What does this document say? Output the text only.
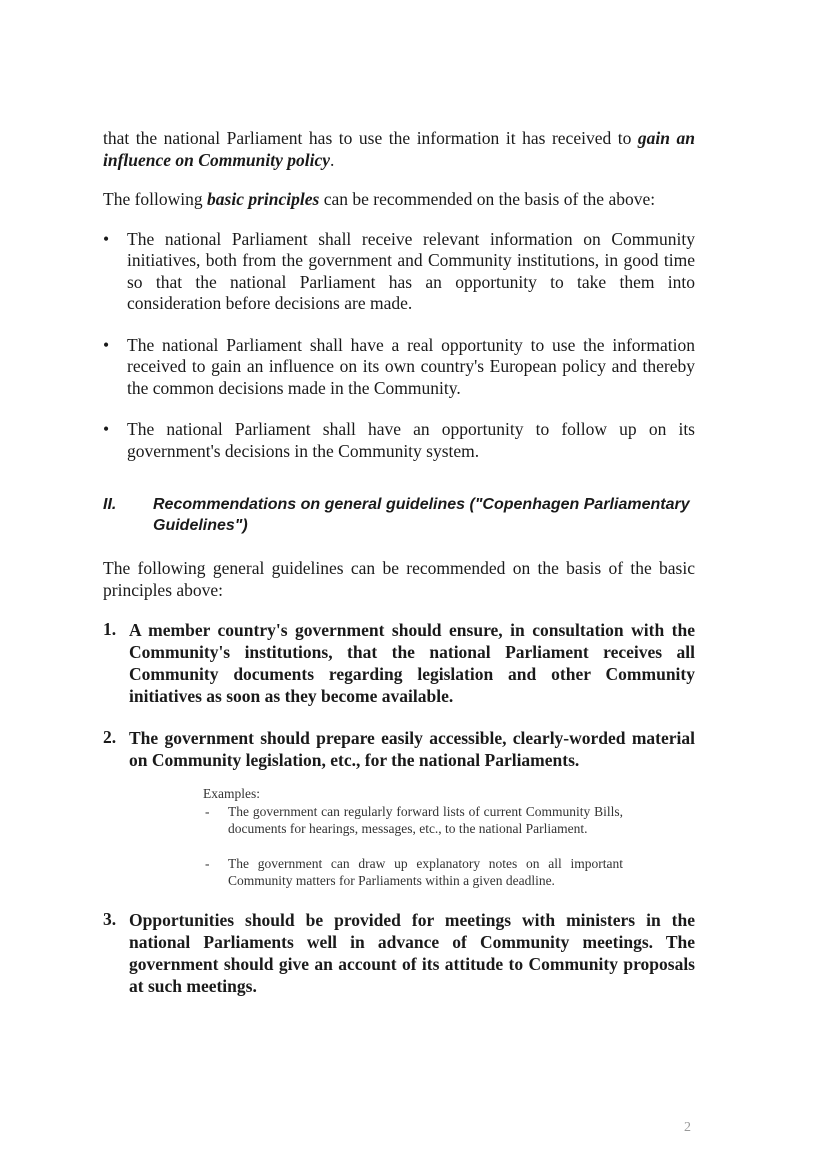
that the national Parliament has to use the information it has received to gain an influence on Community policy.

The following basic principles can be recommended on the basis of the above:

•	The national Parliament shall receive relevant information on Community initiatives, both from the government and Community institutions, in good time so that the national Parliament has an opportunity to take them into consideration before decisions are made.
•	The national Parliament shall have a real opportunity to use the information received to gain an influence on its own country's European policy and thereby the common decisions made in the Community.
•	The national Parliament shall have an opportunity to follow up on its government's decisions in the Community system.
II. Recommendations on general guidelines ("Copenhagen Parliamentary Guidelines")

The following general guidelines can be recommended on the basis of the basic principles above:

1. A member country's government should ensure, in consultation with the Community's institutions, that the national Parliament receives all Community documents regarding legislation and other Community initiatives as soon as they become available.

2. The government should prepare easily accessible, clearly-worded material on Community legislation, etc., for the national Parliaments.

Examples:
- The government can regularly forward lists of current Community Bills, documents for hearings, messages, etc., to the national Parliament.
- The government can draw up explanatory notes on all important Community matters for Parliaments within a given deadline.
3. Opportunities should be provided for meetings with ministers in the national Parliaments well in advance of Community meetings. The government should give an account of its attitude to Community proposals at such meetings.

2
